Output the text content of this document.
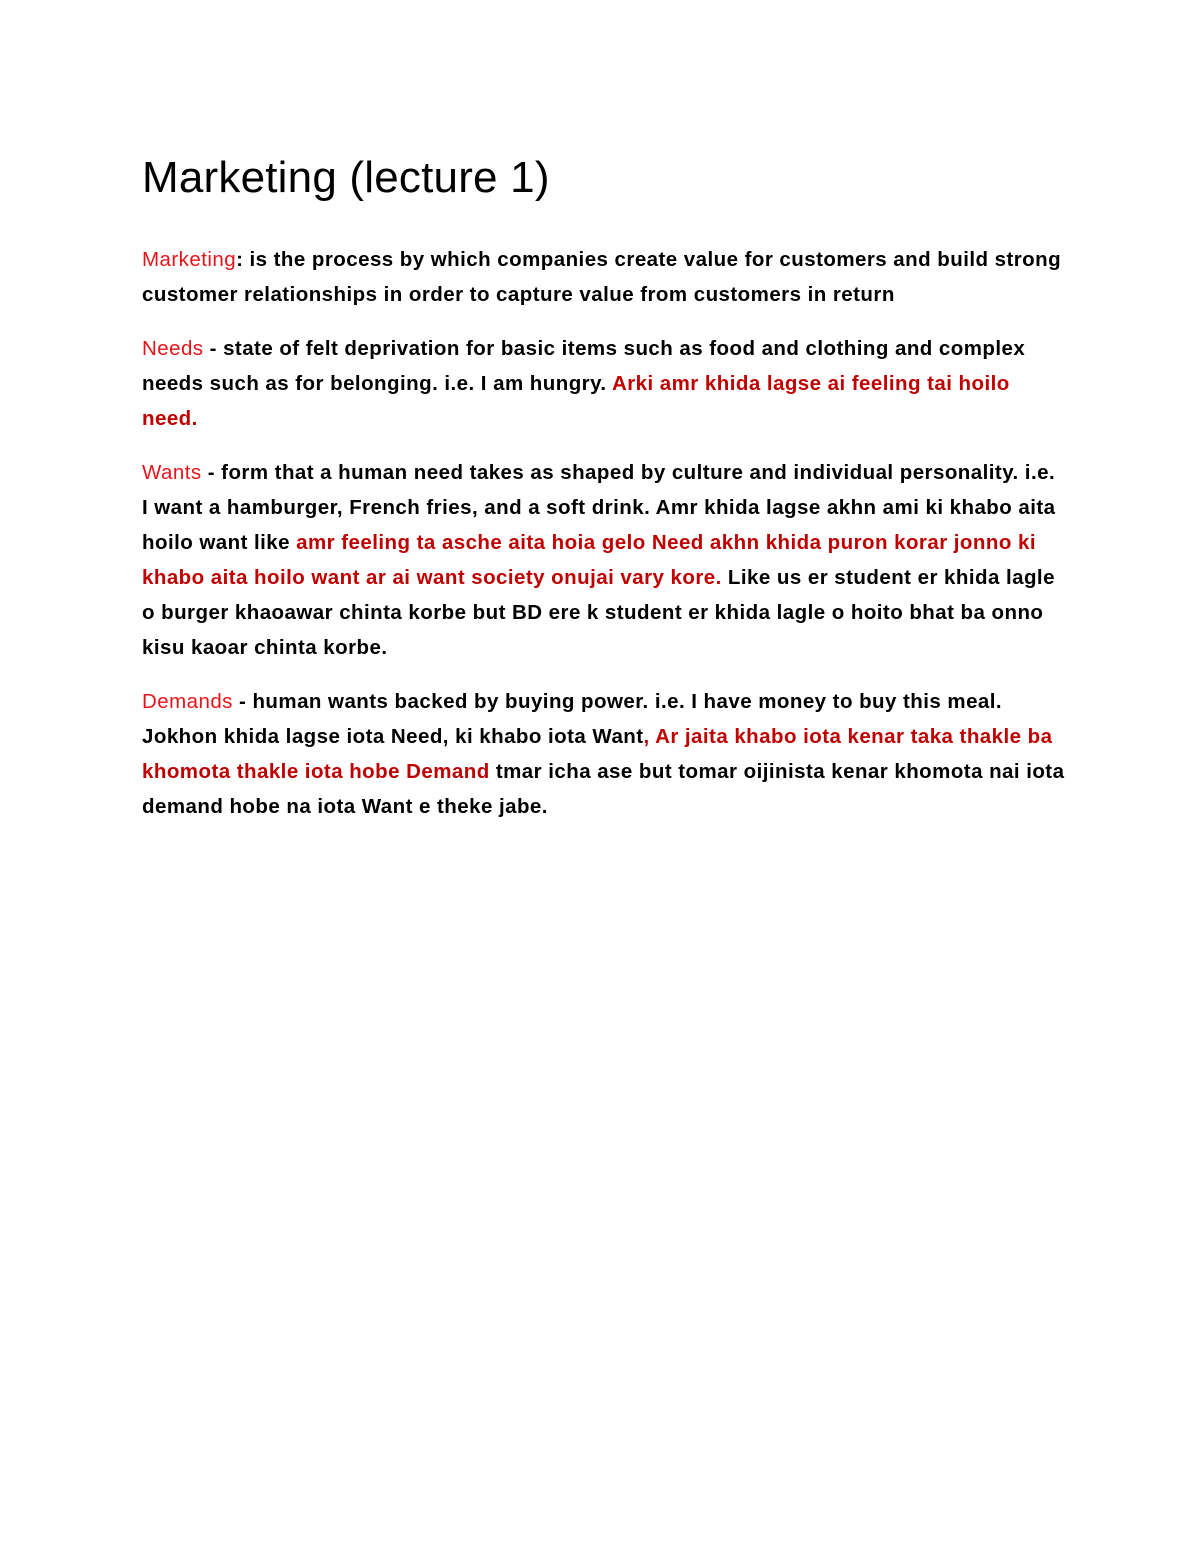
Marketing (lecture 1)

Marketing: is the process by which companies create value for customers and build strong customer relationships in order to capture value from customers in return

Needs - state of felt deprivation for basic items such as food and clothing and complex needs such as for belonging. i.e. I am hungry. Arki amr khida lagse ai feeling tai hoilo need.

Wants - form that a human need takes as shaped by culture and individual personality. i.e. I want a hamburger, French fries, and a soft drink. Amr khida lagse akhn ami ki khabo aita hoilo want like amr feeling ta asche aita hoia gelo Need akhn khida puron korar jonno ki khabo aita hoilo want ar ai want society onujai vary kore. Like us er student er khida lagle o burger khaoawar chinta korbe but BD ere k student er khida lagle o hoito bhat ba onno kisu kaoar chinta korbe.

Demands - human wants backed by buying power. i.e. I have money to buy this meal. Jokhon khida lagse iota Need, ki khabo iota Want, Ar jaita khabo iota kenar taka thakle ba khomota thakle iota hobe Demand tmar icha ase but tomar oijinista kenar khomota nai iota demand hobe na iota Want e theke jabe.
